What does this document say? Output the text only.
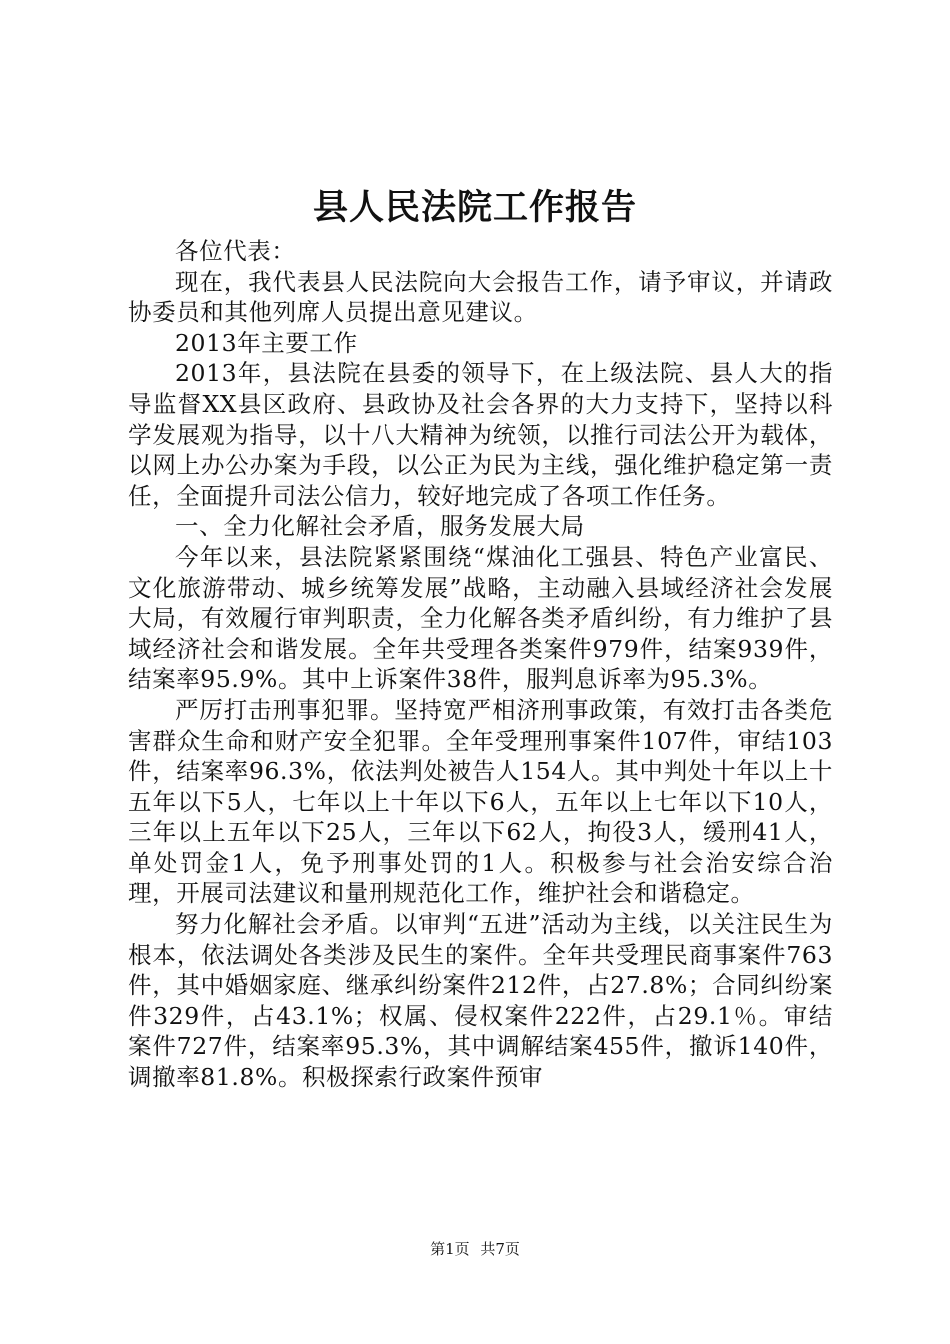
县人民法院工作报告

各位代表：

现在，我代表县人民法院向大会报告工作，请予审议，并请政协委员和其他列席人员提出意见建议。

2013年主要工作

2013年，县法院在县委的领导下，在上级法院、县人大的指导监督XX县区政府、县政协及社会各界的大力支持下，坚持以科学发展观为指导，以十八大精神为统领，以推行司法公开为载体，以网上办公办案为手段，以公正为民为主线，强化维护稳定第一责任，全面提升司法公信力，较好地完成了各项工作任务。

一、全力化解社会矛盾，服务发展大局

今年以来，县法院紧紧围绕“煤油化工强县、特色产业富民、文化旅游带动、城乡统筹发展”战略，主动融入县域经济社会发展大局，有效履行审判职责，全力化解各类矛盾纠纷，有力维护了县域经济社会和谐发展。全年共受理各类案件979件，结案939件，结案率95.9%。其中上诉案件38件，服判息诉率为95.3%。

严厉打击刑事犯罪。坚持宽严相济刑事政策，有效打击各类危害群众生命和财产安全犯罪。全年受理刑事案件107件，审结103件，结案率96.3%，依法判处被告人154人。其中判处十年以上十五年以下5人，七年以上十年以下6人，五年以上七年以下10人，三年以上五年以下25人，三年以下62人，拘役3人，缓刑41人，单处罚金1人，免予刑事处罚的1人。积极参与社会治安综合治理，开展司法建议和量刑规范化工作，维护社会和谐稳定。

努力化解社会矛盾。以审判“五进”活动为主线，以关注民生为根本，依法调处各类涉及民生的案件。全年共受理民商事案件763件，其中婚姻家庭、继承纠纷案件212件，占27.8%；合同纠纷案件329件，占43.1%；权属、侵权案件222件，占29.1％。审结案件727件，结案率95.3%，其中调解结案455件，撤诉140件，调撤率81.8%。积极探索行政案件预审

第1页 共7页
